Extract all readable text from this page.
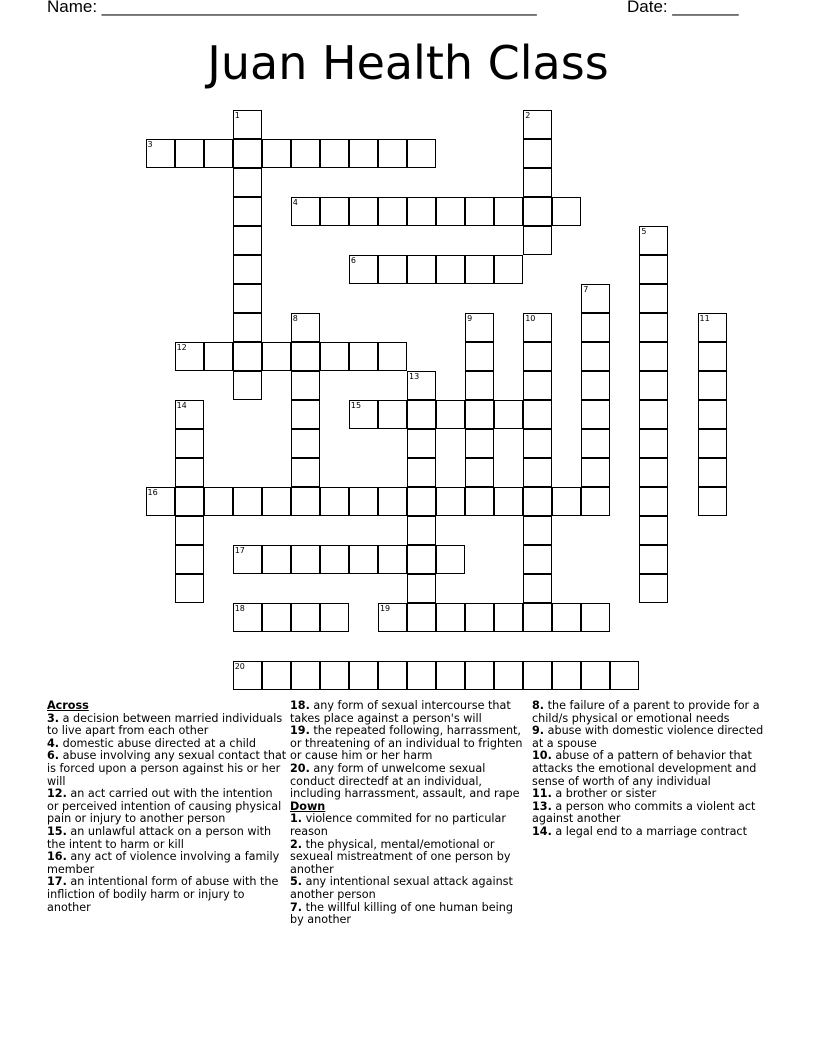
Name: ______________________________________________	Date: _______
Juan Health Class
1	2
3
4
5
6
7
8	9	10	11
12
13
14	15
16
17
18	19
20
Across
3. a decision between married individuals to live apart from each other
4. domestic abuse directed at a child
6. abuse involving any sexual contact that is forced upon a person against his or her will
12. an act carried out with the intention or perceived intention of causing physical pain or injury to another person
15. an unlawful attack on a person with the intent to harm or kill
16. any act of violence involving a family member
17. an intentional form of abuse with the infliction of bodily harm or injury to another
18. any form of sexual intercourse that takes place against a person's will
19. the repeated following, harrassment, or threatening of an individual to frighten or cause him or her harm
20. any form of unwelcome sexual conduct directedf at an individual, including harrassment, assault, and rape
Down
1. violence commited for no particular reason
2. the physical, mental/emotional or sexueal mistreatment of one person by another
5. any intentional sexual attack against another person
7. the willful killing of one human being by another
8. the failure of a parent to provide for a child/s physical or emotional needs
9. abuse with domestic violence directed at a spouse
10. abuse of a pattern of behavior that attacks the emotional development and sense of worth of any individual
11. a brother or sister
13. a person who commits a violent act against another
14. a legal end to a marriage contract
